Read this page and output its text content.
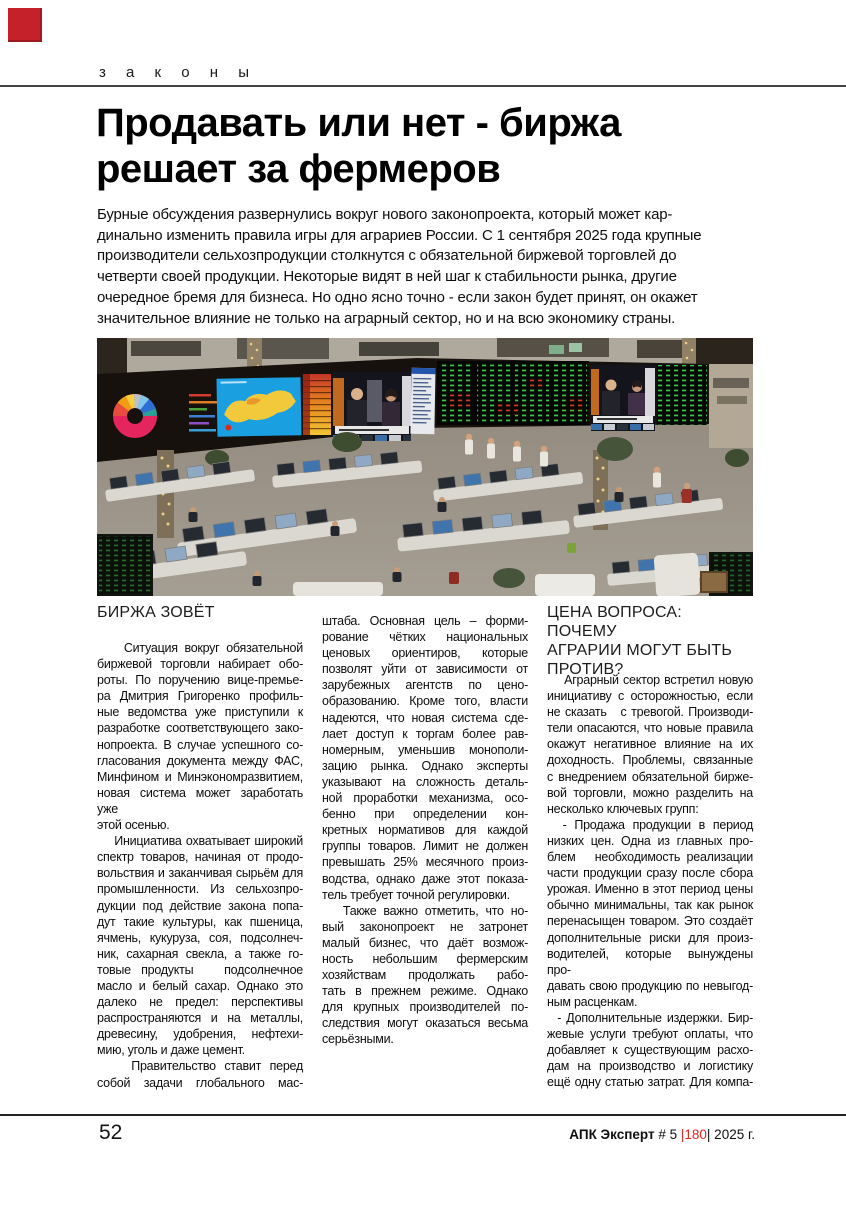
з а к о н ы
Продавать или нет - биржа
решает за фермеров
Бурные обсуждения развернулись вокруг нового законопроекта, который может кар-
динально изменить правила игры для аграриев России. С 1 сентября 2025 года крупные
производители сельхозпродукции столкнутся с обязательной биржевой торговлей до
четверти своей продукции. Некоторые видят в ней шаг к стабильности рынка, другие
очередное бремя для бизнеса. Но одно ясно точно - если закон будет принят, он окажет
значительное влияние не только на аграрный сектор, но и на всю экономику страны.
БИРЖА ЗОВЁТ
Ситуация вокруг обязательной
биржевой торговли набирает обо-
роты. По поручению вице-премье-
ра Дмитрия Григоренко профиль-
ные ведомства уже приступили к
разработке соответствующего зако-
нопроекта. В случае успешного со-
гласования документа между ФАС,
Минфином и Минэкономразвитием,
новая система может заработать уже
этой осенью.
Инициатива охватывает широкий
спектр товаров, начиная от продо-
вольствия и заканчивая сырьём для
промышленности. Из сельхозпро-
дукции под действие закона попа-
дут такие культуры, как пшеница,
ячмень, кукуруза, соя, подсолнеч-
ник, сахарная свекла, а также го-
товые продукты   подсолнечное
масло и белый сахар. Однако это
далеко не предел: перспективы
распространяются и на металлы,
древесину, удобрения, нефтехи-
мию, уголь и даже цемент.
Правительство ставит перед
собой задачи глобального мас-
штаба. Основная цель – форми-
рование чётких национальных
ценовых ориентиров, которые
позволят уйти от зависимости от
зарубежных агентств по цено-
образованию. Кроме того, власти
надеются, что новая система сде-
лает доступ к торгам более рав-
номерным, уменьшив монополи-
зацию рынка. Однако эксперты
указывают на сложность деталь-
ной проработки механизма, осо-
бенно при определении кон-
кретных нормативов для каждой
группы товаров. Лимит не должен
превышать 25% месячного произ-
водства, однако даже этот показа-
тель требует точной регулировки.
Также важно отметить, что но-
вый законопроект не затронет
малый бизнес, что даёт возмож-
ность небольшим фермерским
хозяйствам продолжать рабо-
тать в прежнем режиме. Однако
для крупных производителей по-
следствия могут оказаться весьма
серьёзными.
ЦЕНА ВОПРОСА: ПОЧЕМУ
АГРАРИИ МОГУТ БЫТЬ
ПРОТИВ?
Аграрный сектор встретил новую
инициативу с осторожностью, если
не сказать   с тревогой. Производи-
тели опасаются, что новые правила
окажут негативное влияние на их
доходность. Проблемы, связанные
с внедрением обязательной бирже-
вой торговли, можно разделить на
несколько ключевых групп:
- Продажа продукции в период
низких цен. Одна из главных про-
блем   необходимость реализации
части продукции сразу после сбора
урожая. Именно в этот период цены
обычно минимальны, так как рынок
перенасыщен товаром. Это создаёт
дополнительные риски для произ-
водителей, которые вынуждены про-
давать свою продукцию по невыгод-
ным расценкам.
- Дополнительные издержки. Бир-
жевые услуги требуют оплаты, что
добавляет к существующим расхо-
дам на производство и логистику
ещё одну статью затрат. Для компа-
52	АПК Эксперт # 5 |180| 2025 г.
